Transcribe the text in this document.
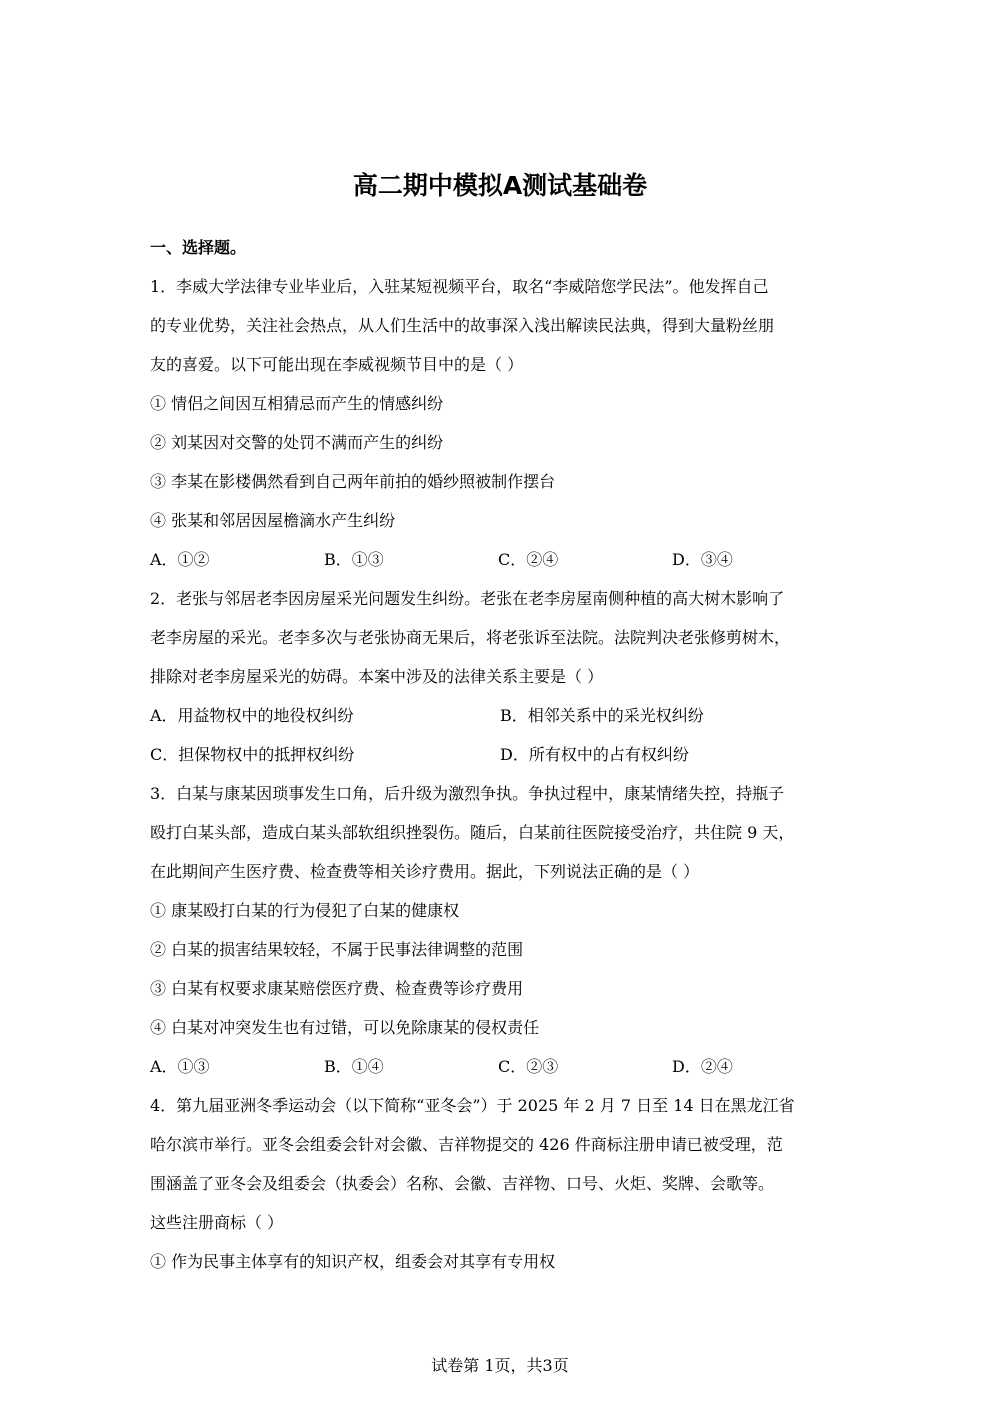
高二期中模拟A测试基础卷
一、选择题。
1．李威大学法律专业毕业后，入驻某短视频平台，取名“李威陪您学民法”。他发挥自己
的专业优势，关注社会热点，从人们生活中的故事深入浅出解读民法典，得到大量粉丝朋
友的喜爱。以下可能出现在李威视频节目中的是（ ）
① 情侣之间因互相猜忌而产生的情感纠纷
② 刘某因对交警的处罚不满而产生的纠纷
③ 李某在影楼偶然看到自己两年前拍的婚纱照被制作摆台
④ 张某和邻居因屋檐滴水产生纠纷
A．①②	B．①③	C．②④	D．③④
2．老张与邻居老李因房屋采光问题发生纠纷。老张在老李房屋南侧种植的高大树木影响了
老李房屋的采光。老李多次与老张协商无果后，将老张诉至法院。法院判决老张修剪树木，
排除对老李房屋采光的妨碍。本案中涉及的法律关系主要是（ ）
A．用益物权中的地役权纠纷	B．相邻关系中的采光权纠纷
C．担保物权中的抵押权纠纷	D．所有权中的占有权纠纷
3．白某与康某因琐事发生口角，后升级为激烈争执。争执过程中，康某情绪失控，持瓶子
殴打白某头部，造成白某头部软组织挫裂伤。随后，白某前往医院接受治疗，共住院 9 天，
在此期间产生医疗费、检查费等相关诊疗费用。据此，下列说法正确的是（ ）
① 康某殴打白某的行为侵犯了白某的健康权
② 白某的损害结果较轻，不属于民事法律调整的范围
③ 白某有权要求康某赔偿医疗费、检查费等诊疗费用
④ 白某对冲突发生也有过错，可以免除康某的侵权责任
A．①③	B．①④	C．②③	D．②④
4．第九届亚洲冬季运动会（以下简称“亚冬会”）于 2025 年 2 月 7 日至 14 日在黑龙江省
哈尔滨市举行。亚冬会组委会针对会徽、吉祥物提交的 426 件商标注册申请已被受理，范
围涵盖了亚冬会及组委会（执委会）名称、会徽、吉祥物、口号、火炬、奖牌、会歌等。
这些注册商标（ ）
① 作为民事主体享有的知识产权，组委会对其享有专用权
试卷第 1页，共3页
